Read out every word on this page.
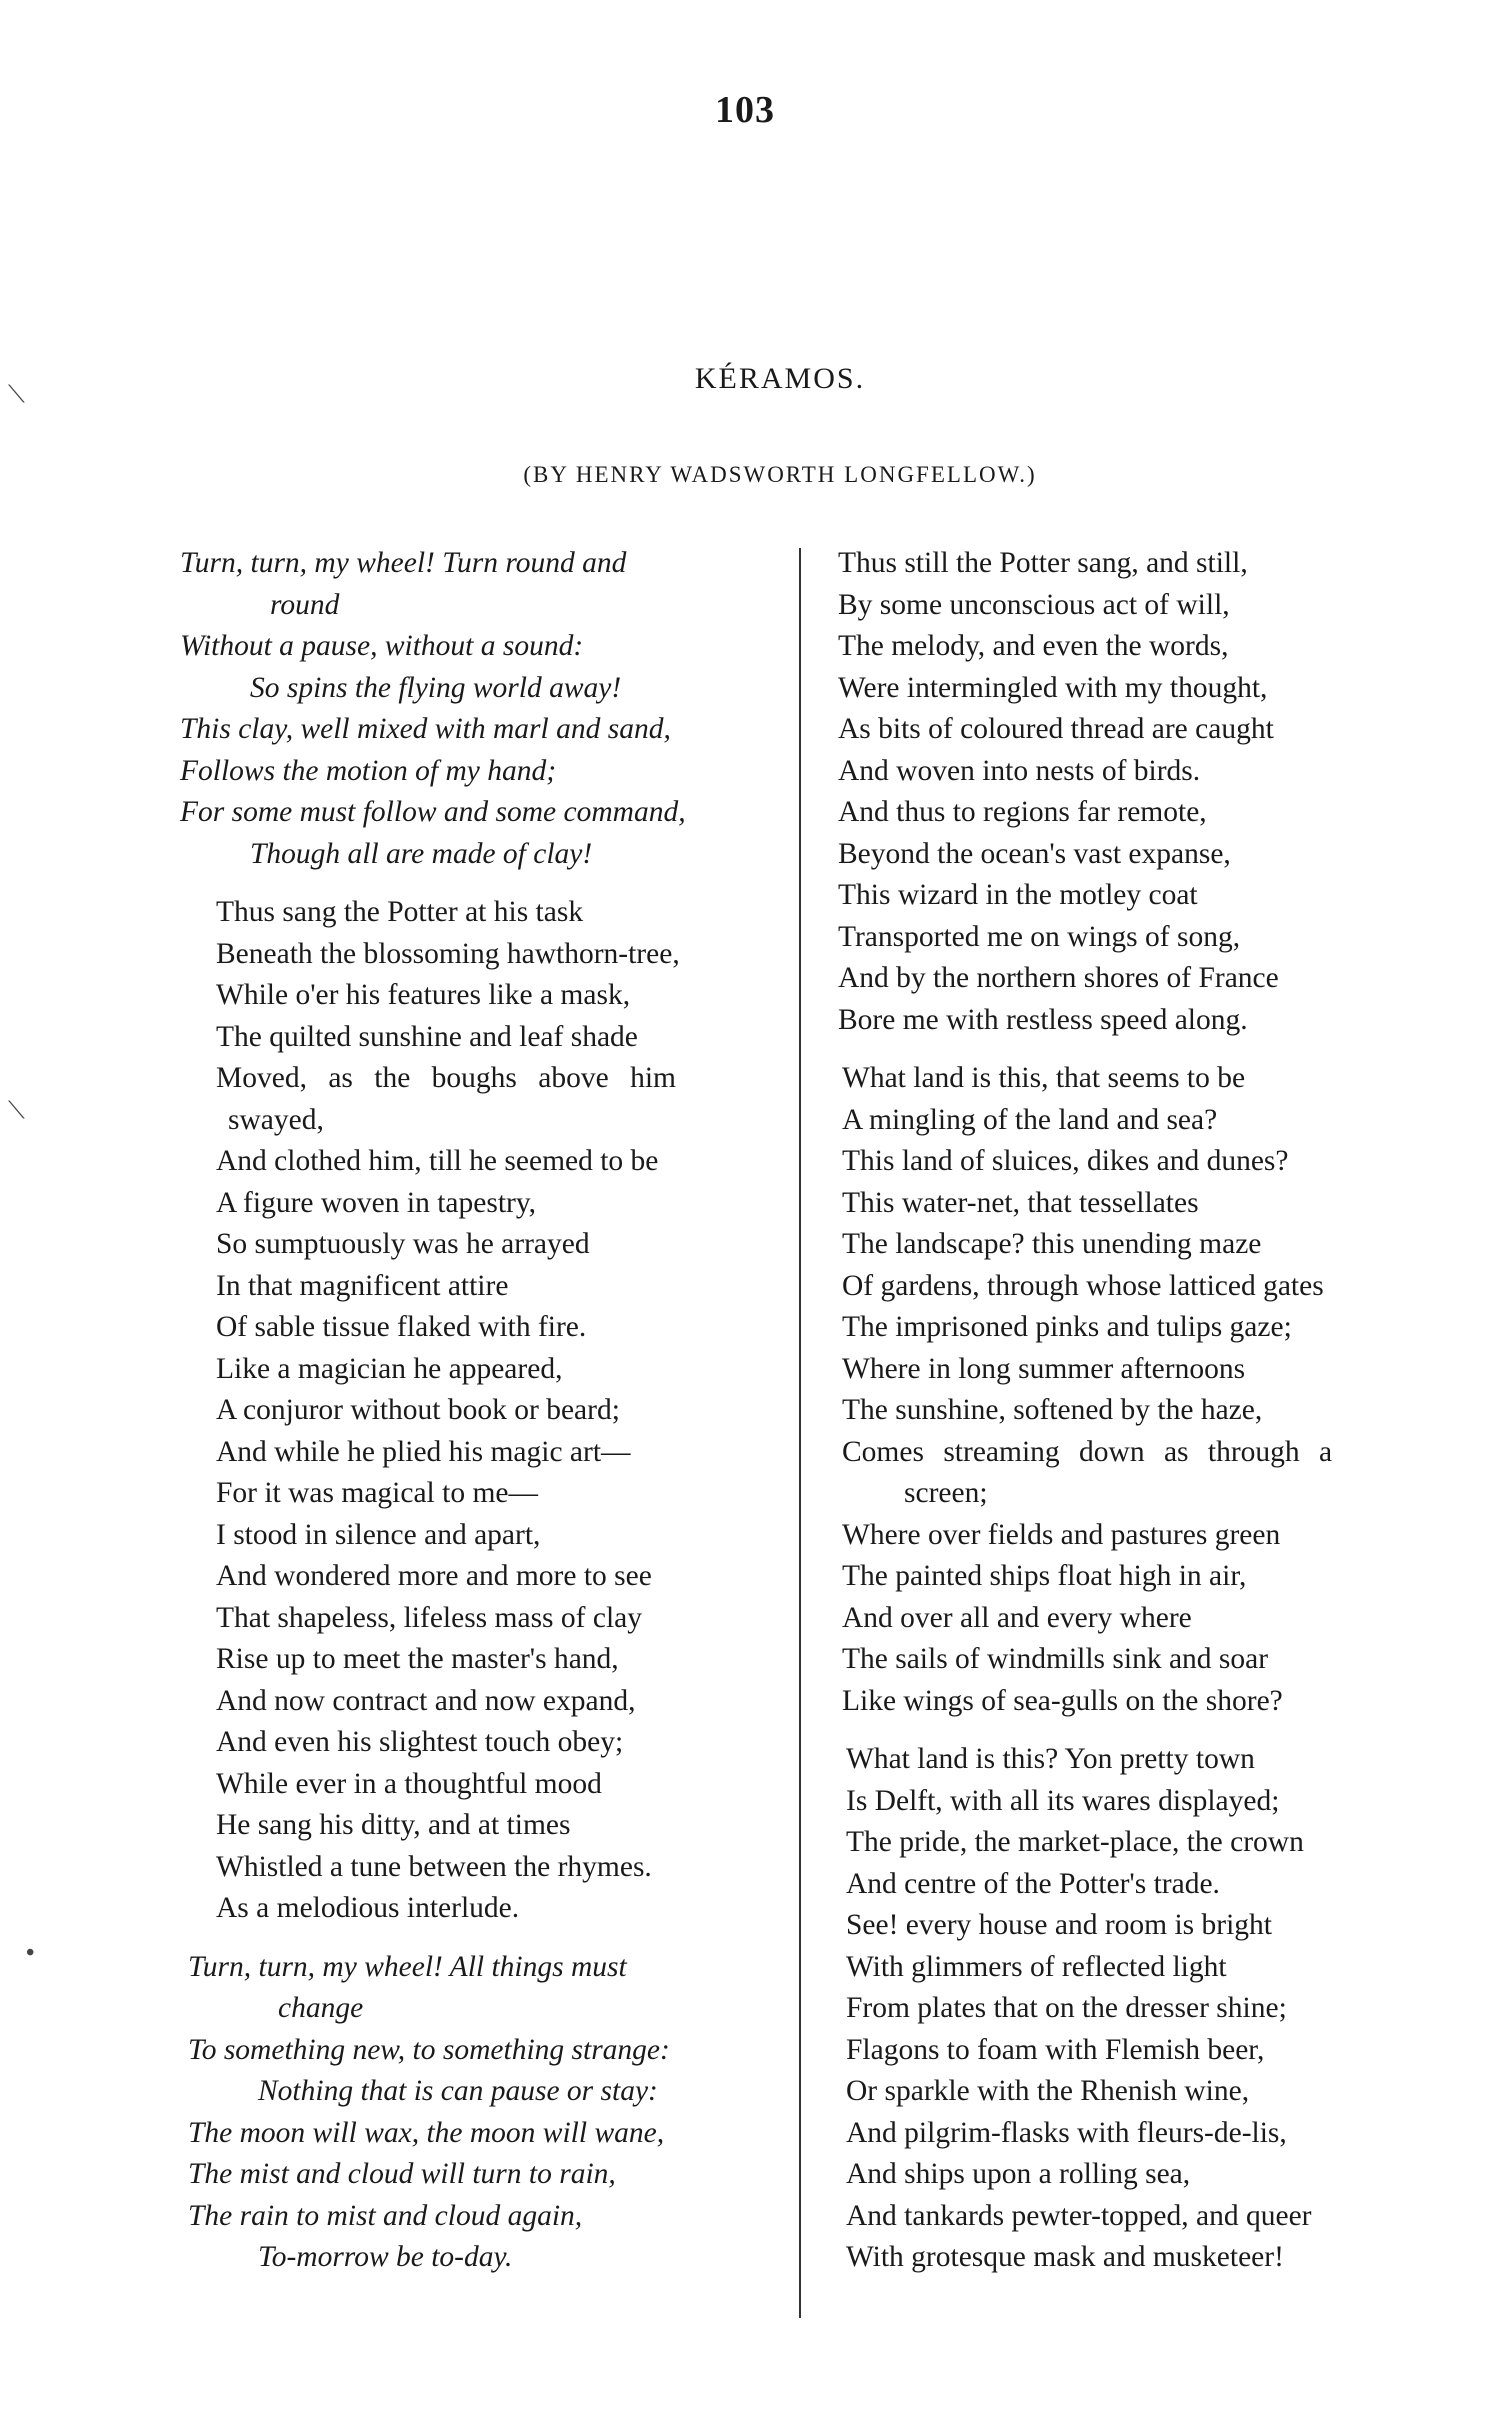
103
KÉRAMOS.
(BY HENRY WADSWORTH LONGFELLOW.)
⟍
⟍
•
Turn, turn, my wheel! Turn round and
round
Without a pause, without a sound:
So spins the flying world away!
This clay, well mixed with marl and sand,
Follows the motion of my hand;
For some must follow and some command,
Though all are made of clay!
Thus sang the Potter at his task
Beneath the blossoming hawthorn-tree,
While o'er his features like a mask,
The quilted sunshine and leaf shade
Moved, as the boughs above him
swayed,
And clothed him, till he seemed to be
A figure woven in tapestry,
So sumptuously was he arrayed
In that magnificent attire
Of sable tissue flaked with fire.
Like a magician he appeared,
A conjuror without book or beard;
And while he plied his magic art—
For it was magical to me—
I stood in silence and apart,
And wondered more and more to see
That shapeless, lifeless mass of clay
Rise up to meet the master's hand,
And now contract and now expand,
And even his slightest touch obey;
While ever in a thoughtful mood
He sang his ditty, and at times
Whistled a tune between the rhymes.
As a melodious interlude.
Turn, turn, my wheel! All things must
change
To something new, to something strange:
Nothing that is can pause or stay:
The moon will wax, the moon will wane,
The mist and cloud will turn to rain,
The rain to mist and cloud again,
To-morrow be to-day.
Thus still the Potter sang, and still,
By some unconscious act of will,
The melody, and even the words,
Were intermingled with my thought,
As bits of coloured thread are caught
And woven into nests of birds.
And thus to regions far remote,
Beyond the ocean's vast expanse,
This wizard in the motley coat
Transported me on wings of song,
And by the northern shores of France
Bore me with restless speed along.
What land is this, that seems to be
A mingling of the land and sea?
This land of sluices, dikes and dunes?
This water-net, that tessellates
The landscape? this unending maze
Of gardens, through whose latticed gates
The imprisoned pinks and tulips gaze;
Where in long summer afternoons
The sunshine, softened by the haze,
Comes streaming down as through a
screen;
Where over fields and pastures green
The painted ships float high in air,
And over all and every where
The sails of windmills sink and soar
Like wings of sea-gulls on the shore?
What land is this? Yon pretty town
Is Delft, with all its wares displayed;
The pride, the market-place, the crown
And centre of the Potter's trade.
See! every house and room is bright
With glimmers of reflected light
From plates that on the dresser shine;
Flagons to foam with Flemish beer,
Or sparkle with the Rhenish wine,
And pilgrim-flasks with fleurs-de-lis,
And ships upon a rolling sea,
And tankards pewter-topped, and queer
With grotesque mask and musketeer!
